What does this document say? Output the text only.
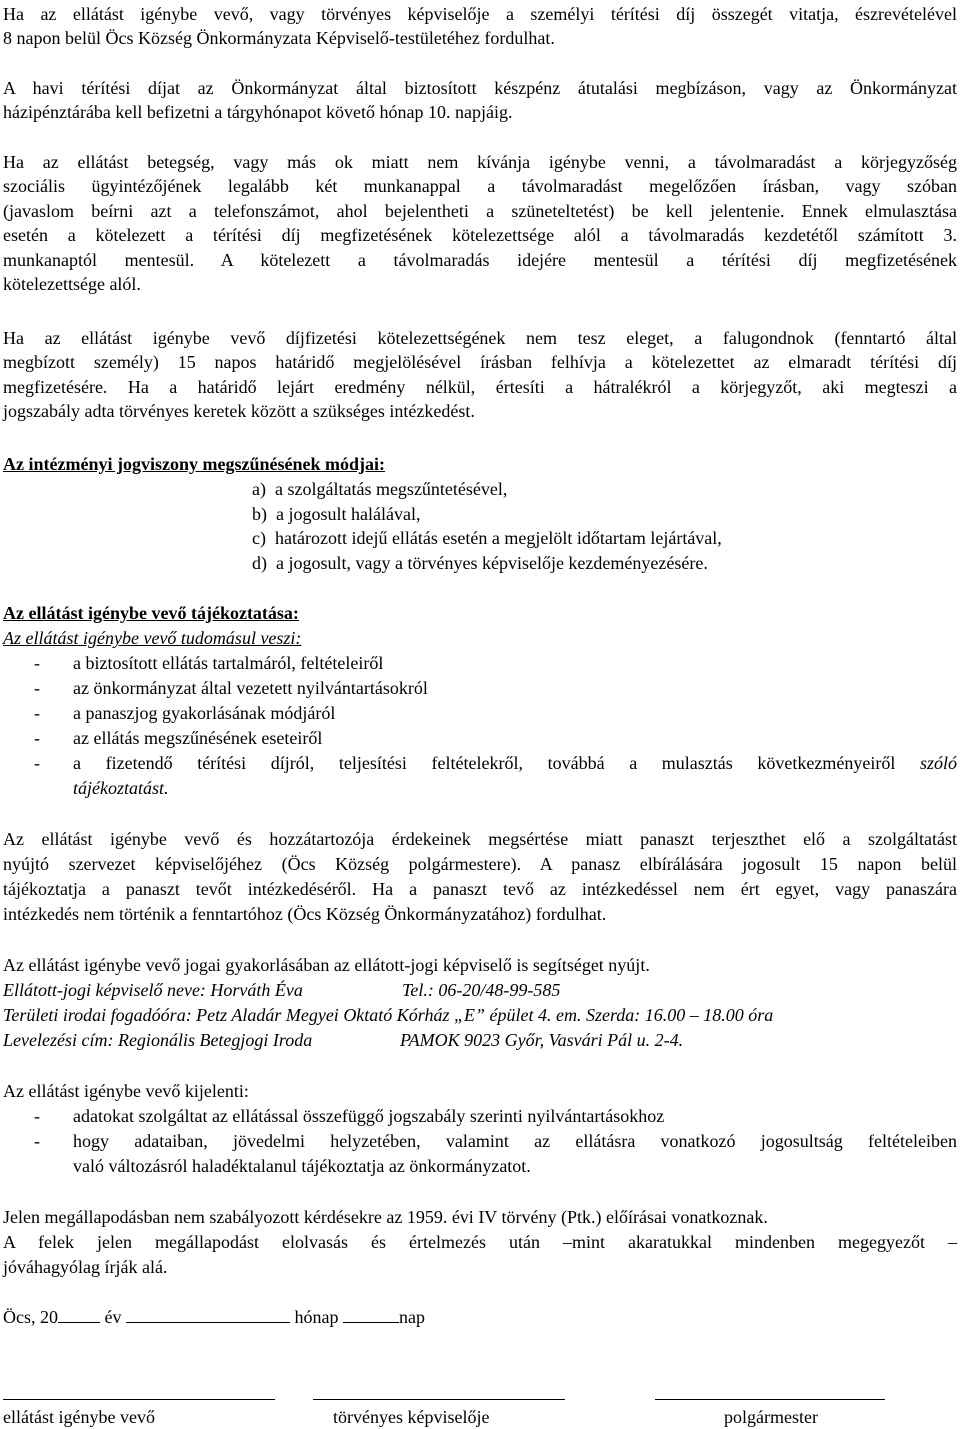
Ha az ellátást igénybe vevő, vagy törvényes képviselője a személyi térítési díj összegét vitatja, észrevételével
8 napon belül Öcs Község Önkormányzata Képviselő-testületéhez fordulhat.
A havi térítési díjat az Önkormányzat által biztosított készpénz átutalási megbízáson, vagy az Önkormányzat
házipénztárába kell befizetni a tárgyhónapot követő hónap 10. napjáig.
Ha az ellátást betegség, vagy más ok miatt nem kívánja igénybe venni, a távolmaradást a körjegyzőség
szociális ügyintézőjének legalább két munkanappal a távolmaradást megelőzően írásban, vagy szóban
(javaslom beírni azt a telefonszámot, ahol bejelentheti a szüneteltetést) be kell jelentenie. Ennek elmulasztása
esetén a kötelezett a térítési díj megfizetésének kötelezettsége alól a távolmaradás kezdetétől számított 3.
munkanaptól mentesül. A kötelezett a távolmaradás idejére mentesül a térítési díj megfizetésének
kötelezettsége alól.
Ha az ellátást igénybe vevő díjfizetési kötelezettségének nem tesz eleget, a falugondnok (fenntartó által
megbízott személy) 15 napos határidő megjelölésével írásban felhívja a kötelezettet az elmaradt térítési díj
megfizetésére. Ha a határidő lejárt eredmény nélkül, értesíti a hátralékról a körjegyzőt, aki megteszi a
jogszabály adta törvényes keretek között a szükséges intézkedést.
Az intézményi jogviszony megszűnésének módjai:
a) a szolgáltatás megszűntetésével,
b) a jogosult halálával,
c) határozott idejű ellátás esetén a megjelölt időtartam lejártával,
d) a jogosult, vagy a törvényes képviselője kezdeményezésére.
Az ellátást igénybe vevő tájékoztatása:
Az ellátást igénybe vevő tudomásul veszi:
-	a biztosított ellátás tartalmáról, feltételeiről
-	az önkormányzat által vezetett nyilvántartásokról
-	a panaszjog gyakorlásának módjáról
-	az ellátás megszűnésének eseteiről
-	a fizetendő térítési díjról, teljesítési feltételekről, továbbá a mulasztás következményeiről szóló
tájékoztatást.
Az ellátást igénybe vevő és hozzátartozója érdekeinek megsértése miatt panaszt terjeszthet elő a szolgáltatást
nyújtó szervezet képviselőjéhez (Öcs Község polgármestere). A panasz elbírálására jogosult 15 napon belül
tájékoztatja a panaszt tevőt intézkedéséről. Ha a panaszt tevő az intézkedéssel nem ért egyet, vagy panaszára
intézkedés nem történik a fenntartóhoz (Öcs Község Önkormányzatához) fordulhat.
Az ellátást igénybe vevő jogai gyakorlásában az ellátott-jogi képviselő is segítséget nyújt.
Ellátott-jogi képviselő neve: Horváth Éva	Tel.: 06-20/48-99-585
Területi irodai fogadóóra: Petz Aladár Megyei Oktató Kórház „E” épület 4. em. Szerda: 16.00 – 18.00 óra
Levelezési cím: Regionális Betegjogi Iroda	PAMOK 9023 Győr, Vasvári Pál u. 2-4.
Az ellátást igénybe vevő kijelenti:
-	adatokat szolgáltat az ellátással összefüggő jogszabály szerinti nyilvántartásokhoz
-	hogy adataiban, jövedelmi helyzetében, valamint az ellátásra vonatkozó jogosultság feltételeiben
való változásról haladéktalanul tájékoztatja az önkormányzatot.
Jelen megállapodásban nem szabályozott kérdésekre az 1959. évi IV törvény (Ptk.) előírásai vonatkoznak.
A felek jelen megállapodást elolvasás és értelmezés után –mint akaratukkal mindenben megegyezőt –
jóváhagyólag írják alá.
Öcs, 20	év	hónap	nap
ellátást igénybe vevő	törvényes képviselője	polgármester
